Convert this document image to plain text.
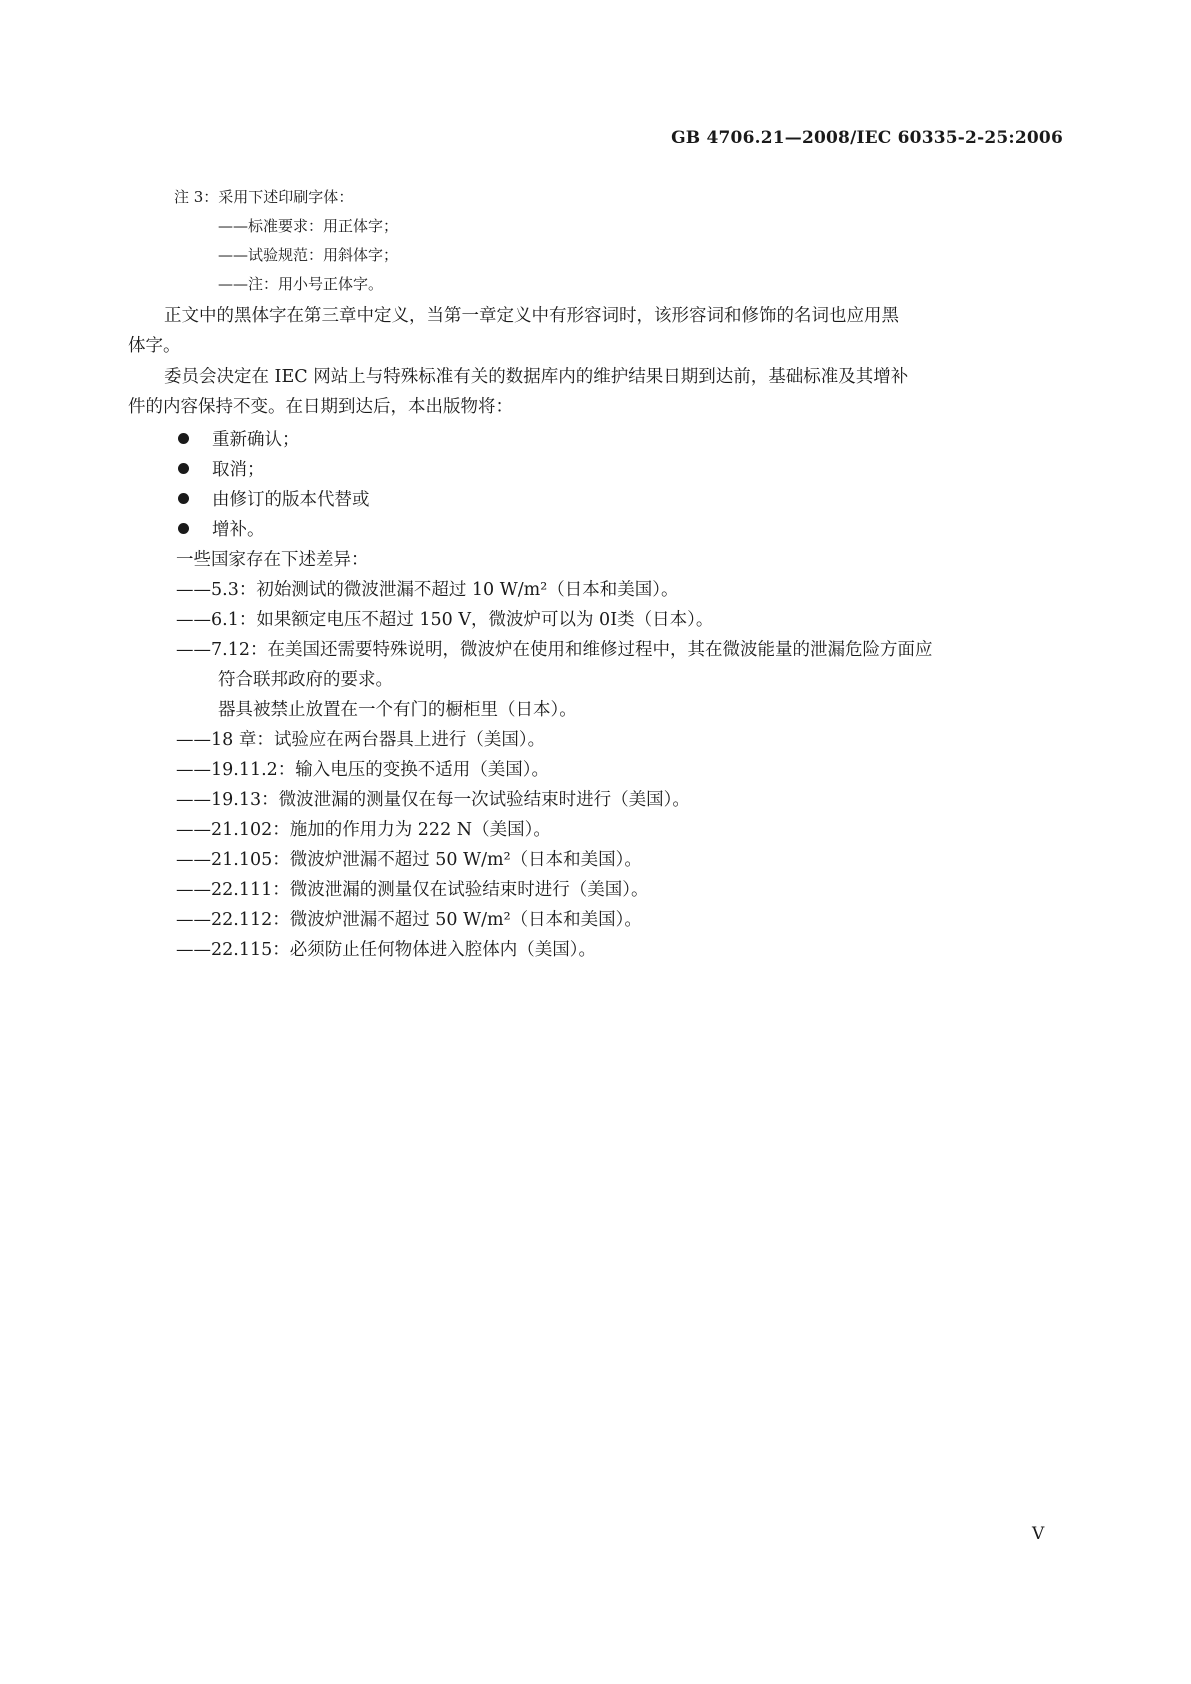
GB 4706.21—2008/IEC 60335-2-25:2006
注 3：采用下述印刷字体：
——标准要求：用正体字；
——试验规范：用斜体字；
——注：用小号正体字。
正文中的黑体字在第三章中定义，当第一章定义中有形容词时，该形容词和修饰的名词也应用黑
体字。
委员会决定在 IEC 网站上与特殊标准有关的数据库内的维护结果日期到达前，基础标准及其增补
件的内容保持不变。在日期到达后，本出版物将：
重新确认；
取消；
由修订的版本代替或
增补。
一些国家存在下述差异：
——5.3：初始测试的微波泄漏不超过 10 W/m²（日本和美国）。
——6.1：如果额定电压不超过 150 V，微波炉可以为 0Ⅰ类（日本）。
——7.12：在美国还需要特殊说明，微波炉在使用和维修过程中，其在微波能量的泄漏危险方面应
符合联邦政府的要求。
器具被禁止放置在一个有门的橱柜里（日本）。
——18 章：试验应在两台器具上进行（美国）。
——19.11.2：输入电压的变换不适用（美国）。
——19.13：微波泄漏的测量仅在每一次试验结束时进行（美国）。
——21.102：施加的作用力为 222 N（美国）。
——21.105：微波炉泄漏不超过 50 W/m²（日本和美国）。
——22.111：微波泄漏的测量仅在试验结束时进行（美国）。
——22.112：微波炉泄漏不超过 50 W/m²（日本和美国）。
——22.115：必须防止任何物体进入腔体内（美国）。
V
